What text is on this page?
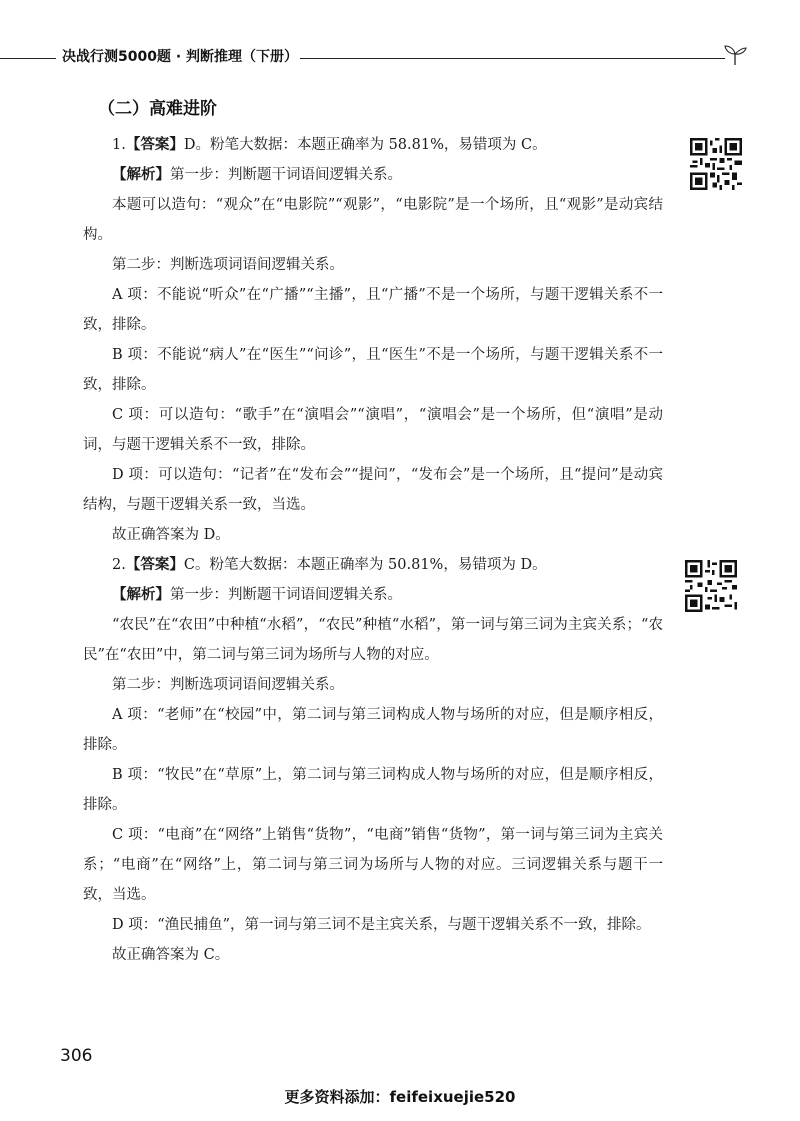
决战行测5000题 · 判断推理（下册）
（二）高难进阶

1.【答案】D。粉笔大数据：本题正确率为 58.81%，易错项为 C。

【解析】第一步：判断题干词语间逻辑关系。

本题可以造句：“观众”在“电影院”“观影”，“电影院”是一个场所，且“观影”是动宾结构。

第二步：判断选项词语间逻辑关系。

A 项：不能说“听众”在“广播”“主播”，且“广播”不是一个场所，与题干逻辑关系不一致，排除。

B 项：不能说“病人”在“医生”“问诊”，且“医生”不是一个场所，与题干逻辑关系不一致，排除。

C 项：可以造句：“歌手”在“演唱会”“演唱”，“演唱会”是一个场所，但“演唱”是动词，与题干逻辑关系不一致，排除。

D 项：可以造句：“记者”在“发布会”“提问”，“发布会”是一个场所，且“提问”是动宾结构，与题干逻辑关系一致，当选。

故正确答案为 D。

2.【答案】C。粉笔大数据：本题正确率为 50.81%，易错项为 D。

【解析】第一步：判断题干词语间逻辑关系。

“农民”在“农田”中种植“水稻”，“农民”种植“水稻”，第一词与第三词为主宾关系；“农民”在“农田”中，第二词与第三词为场所与人物的对应。

第二步：判断选项词语间逻辑关系。

A 项：“老师”在“校园”中，第二词与第三词构成人物与场所的对应，但是顺序相反，排除。

B 项：“牧民”在“草原”上，第二词与第三词构成人物与场所的对应，但是顺序相反，排除。

C 项：“电商”在“网络”上销售“货物”，“电商”销售“货物”，第一词与第三词为主宾关系；“电商”在“网络”上，第二词与第三词为场所与人物的对应。三词逻辑关系与题干一致，当选。

D 项：“渔民捕鱼”，第一词与第三词不是主宾关系，与题干逻辑关系不一致，排除。

故正确答案为 C。

306
更多资料添加：feifeixuejie520
